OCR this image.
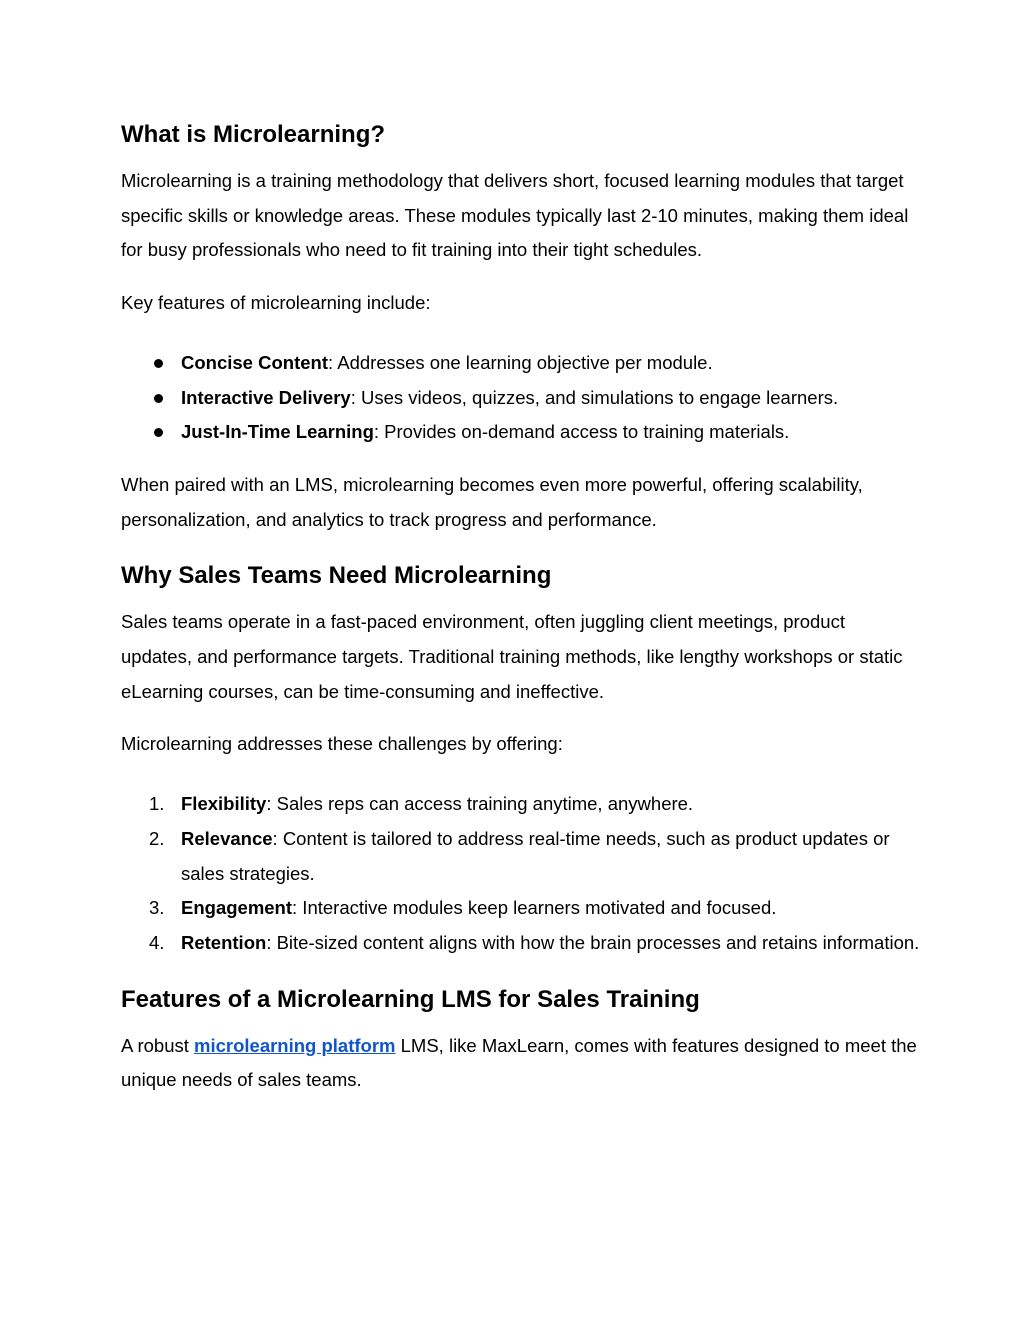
What is Microlearning?

Microlearning is a training methodology that delivers short, focused learning modules that target specific skills or knowledge areas. These modules typically last 2-10 minutes, making them ideal for busy professionals who need to fit training into their tight schedules.

Key features of microlearning include:

Concise Content: Addresses one learning objective per module.
Interactive Delivery: Uses videos, quizzes, and simulations to engage learners.
Just-In-Time Learning: Provides on-demand access to training materials.

When paired with an LMS, microlearning becomes even more powerful, offering scalability, personalization, and analytics to track progress and performance.

Why Sales Teams Need Microlearning

Sales teams operate in a fast-paced environment, often juggling client meetings, product updates, and performance targets. Traditional training methods, like lengthy workshops or static eLearning courses, can be time-consuming and ineffective.

Microlearning addresses these challenges by offering:

1. Flexibility: Sales reps can access training anytime, anywhere.
2. Relevance: Content is tailored to address real-time needs, such as product updates or sales strategies.
3. Engagement: Interactive modules keep learners motivated and focused.
4. Retention: Bite-sized content aligns with how the brain processes and retains information.
Features of a Microlearning LMS for Sales Training

A robust microlearning platform LMS, like MaxLearn, comes with features designed to meet the unique needs of sales teams.
